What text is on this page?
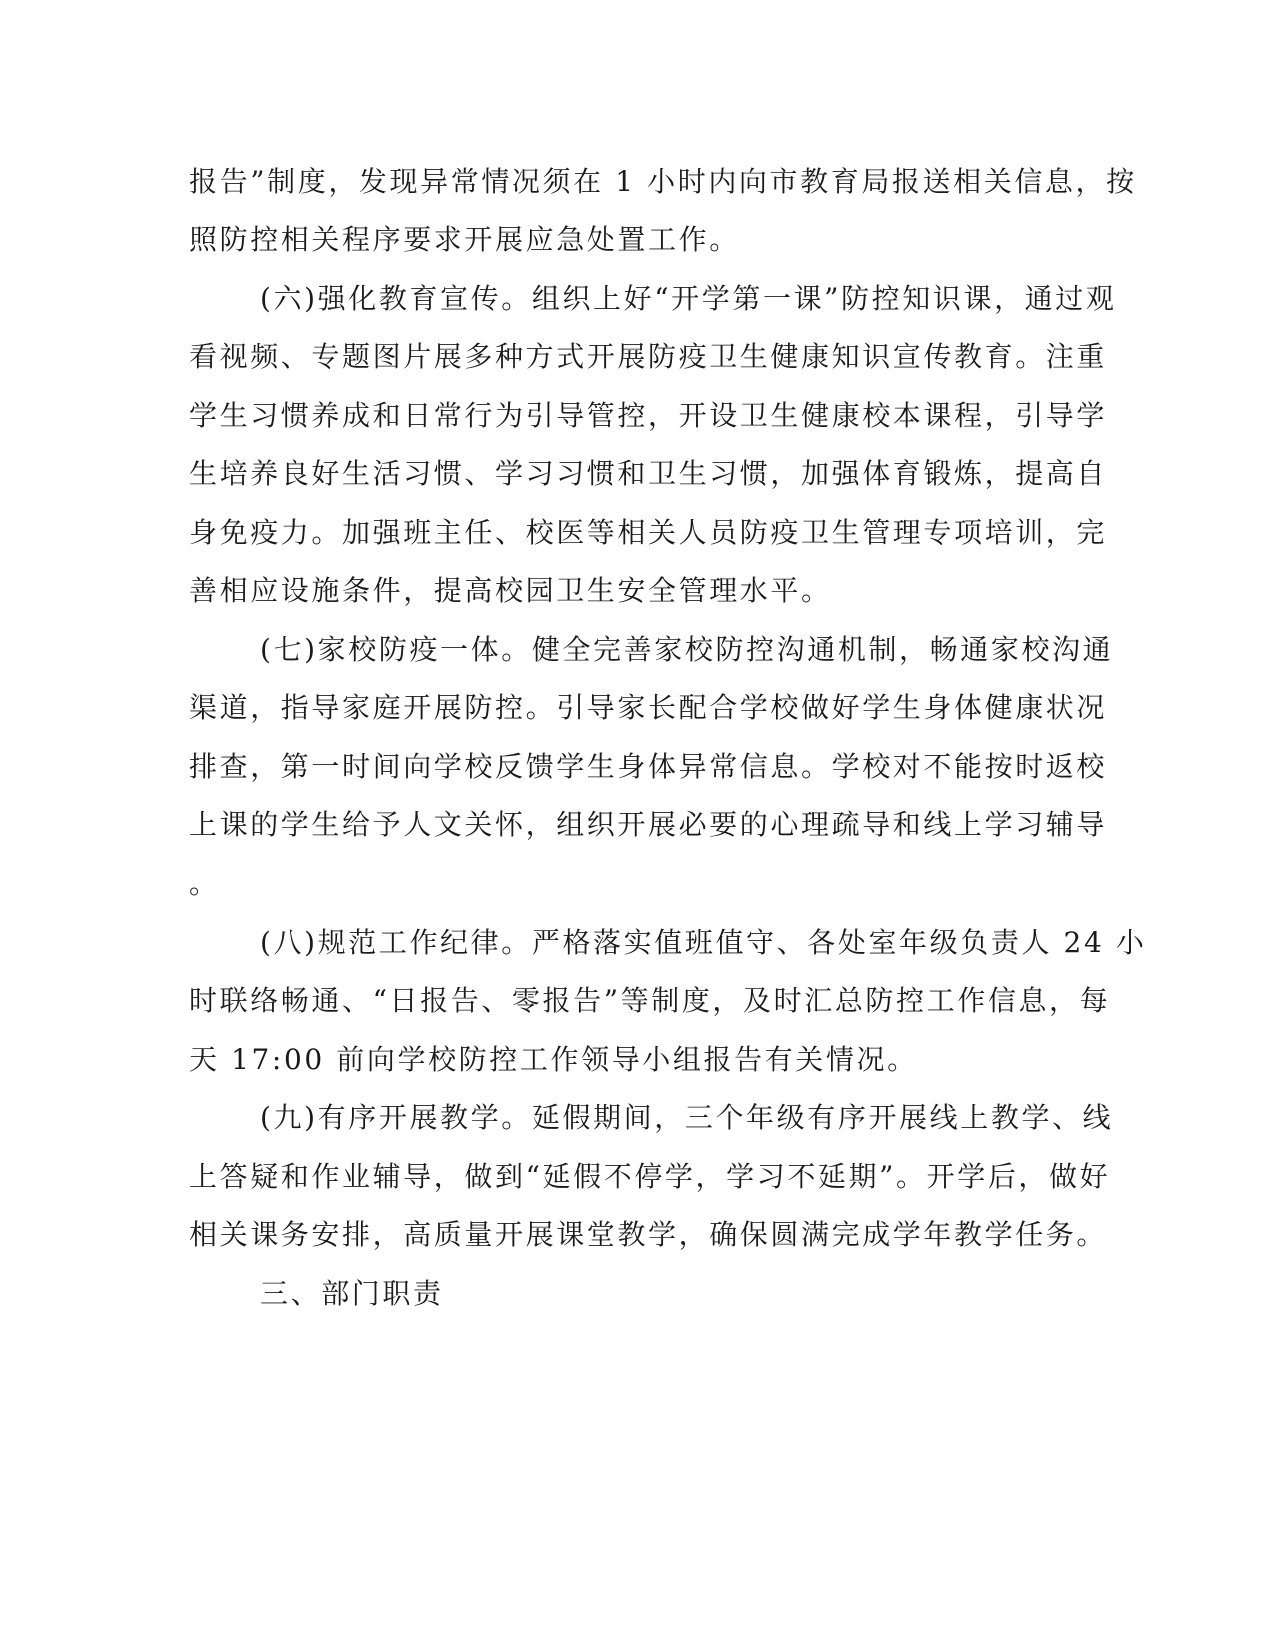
报告”制度，发现异常情况须在 1 小时内向市教育局报送相关信息，按
照防控相关程序要求开展应急处置工作。
(六)强化教育宣传。组织上好“开学第一课”防控知识课，通过观
看视频、专题图片展多种方式开展防疫卫生健康知识宣传教育。注重
学生习惯养成和日常行为引导管控，开设卫生健康校本课程，引导学
生培养良好生活习惯、学习习惯和卫生习惯，加强体育锻炼，提高自
身免疫力。加强班主任、校医等相关人员防疫卫生管理专项培训，完
善相应设施条件，提高校园卫生安全管理水平。
(七)家校防疫一体。健全完善家校防控沟通机制，畅通家校沟通
渠道，指导家庭开展防控。引导家长配合学校做好学生身体健康状况
排查，第一时间向学校反馈学生身体异常信息。学校对不能按时返校
上课的学生给予人文关怀，组织开展必要的心理疏导和线上学习辅导
。
(八)规范工作纪律。严格落实值班值守、各处室年级负责人 24 小
时联络畅通、“日报告、零报告”等制度，及时汇总防控工作信息，每
天 17:00 前向学校防控工作领导小组报告有关情况。
(九)有序开展教学。延假期间，三个年级有序开展线上教学、线
上答疑和作业辅导，做到“延假不停学，学习不延期”。开学后，做好
相关课务安排，高质量开展课堂教学，确保圆满完成学年教学任务。
三、部门职责
